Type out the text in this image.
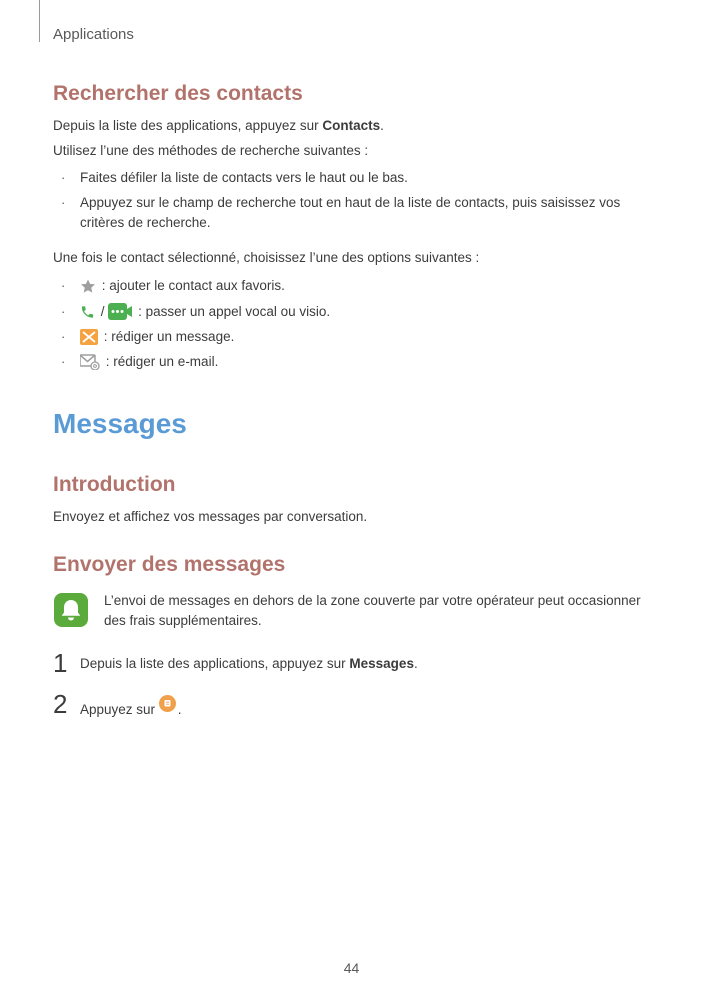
Applications
Rechercher des contacts
Depuis la liste des applications, appuyez sur Contacts.
Utilisez l’une des méthodes de recherche suivantes :
· Faites défiler la liste de contacts vers le haut ou le bas.
· Appuyez sur le champ de recherche tout en haut de la liste de contacts, puis saisissez vos critères de recherche.
Une fois le contact sélectionné, choisissez l’une des options suivantes :
·	: ajouter le contact aux favoris.
·	/ : passer un appel vocal ou visio.
·	: rédiger un message.
·	: rédiger un e-mail.
Messages
Introduction
Envoyez et affichez vos messages par conversation.
Envoyer des messages
L’envoi de messages en dehors de la zone couverte par votre opérateur peut occasionner des frais supplémentaires.
1 Depuis la liste des applications, appuyez sur Messages.
2 Appuyez sur .
44
